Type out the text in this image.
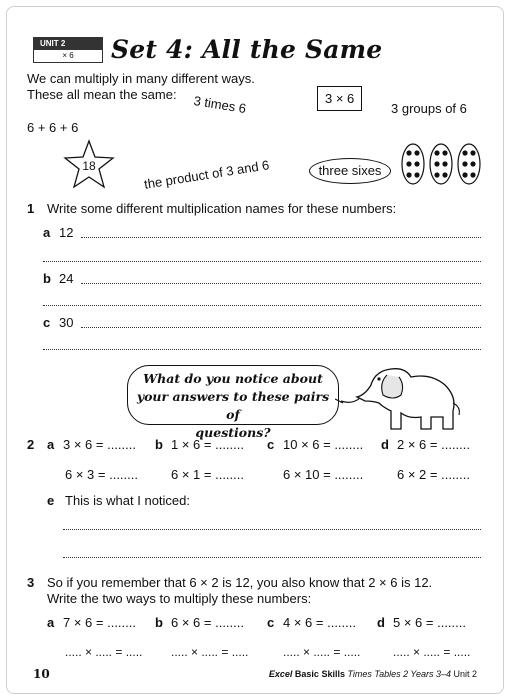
UNIT 2
× 6	Set 4: All the Same
We can multiply in many different ways.
These all mean the same: 3 times 6	3 × 6
3 groups of 6
6 + 6 + 6
18	the product of 3 and 6	three sixes
1 Write some different multiplication names for these numbers:
a 12
b 24
c 30
What do you notice about
your answers to these pairs of
questions?
2 a 3 × 6 = ........
6 × 3 = ........
b 1 × 6 = ........
6 × 1 = ........
c 10 × 6 = ........
6 × 10 = ........
d 2 × 6 = ........
6 × 2 = ........
e This is what I noticed:
3 So if you remember that 6 × 2 is 12, you also know that 2 × 6 is 12.
Write the two ways to multiply these numbers:
a 7 × 6 = ........
..... × ..... = .....
b 6 × 6 = ........
..... × ..... = .....
c 4 × 6 = ........
..... × ..... = .....
d 5 × 6 = ........
..... × ..... = .....
10	Excel Basic Skills Times Tables 2 Years 3–4 Unit 2
